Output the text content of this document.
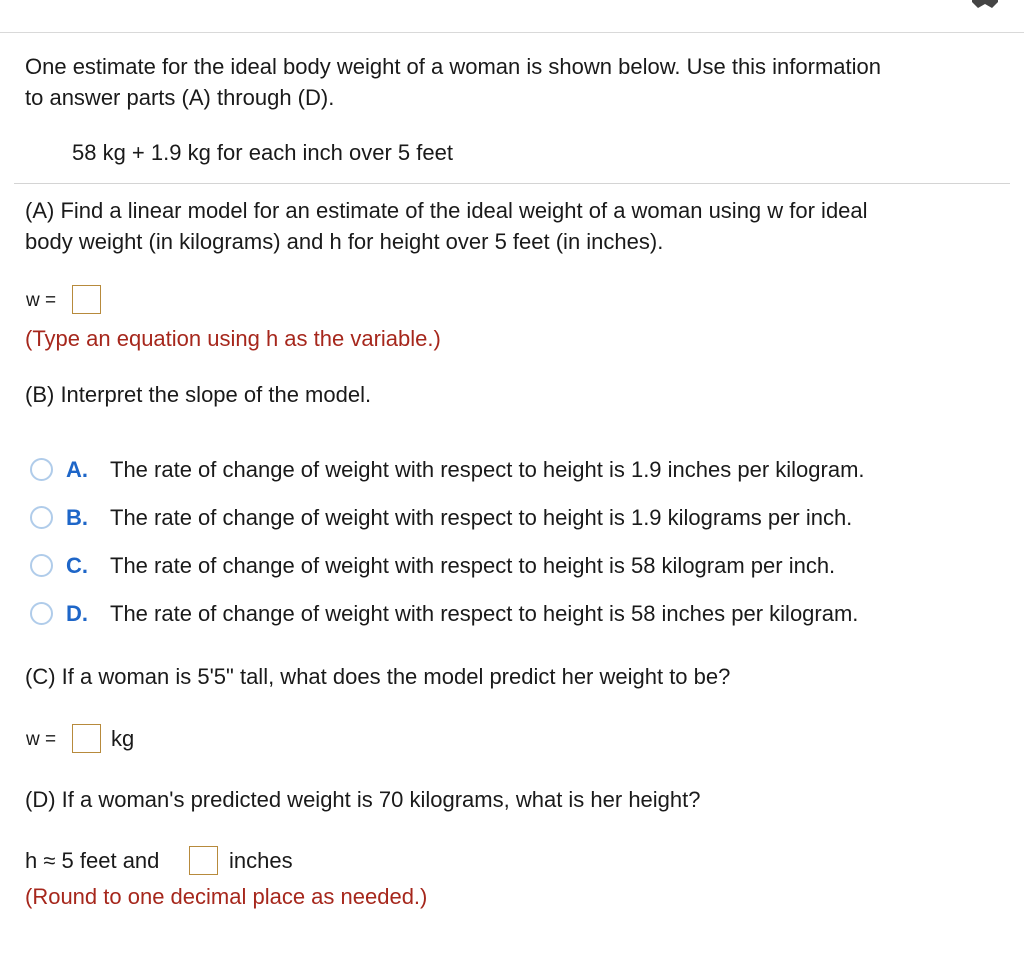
One estimate for the ideal body weight of a woman is shown below. Use this information
to answer parts (A) through (D).
58 kg + 1.9 kg for each inch over 5 feet
(A) Find a linear model for an estimate of the ideal weight of a woman using w for ideal
body weight (in kilograms) and h for height over 5 feet (in inches).
w =
(Type an equation using h as the variable.)
(B) Interpret the slope of the model.
A. The rate of change of weight with respect to height is 1.9 inches per kilogram.
B. The rate of change of weight with respect to height is 1.9 kilograms per inch.
C. The rate of change of weight with respect to height is 58 kilogram per inch.
D. The rate of change of weight with respect to height is 58 inches per kilogram.
(C) If a woman is 5'5" tall, what does the model predict her weight to be?
w = kg
(D) If a woman's predicted weight is 70 kilograms, what is her height?
h ≈ 5 feet and	inches
(Round to one decimal place as needed.)
